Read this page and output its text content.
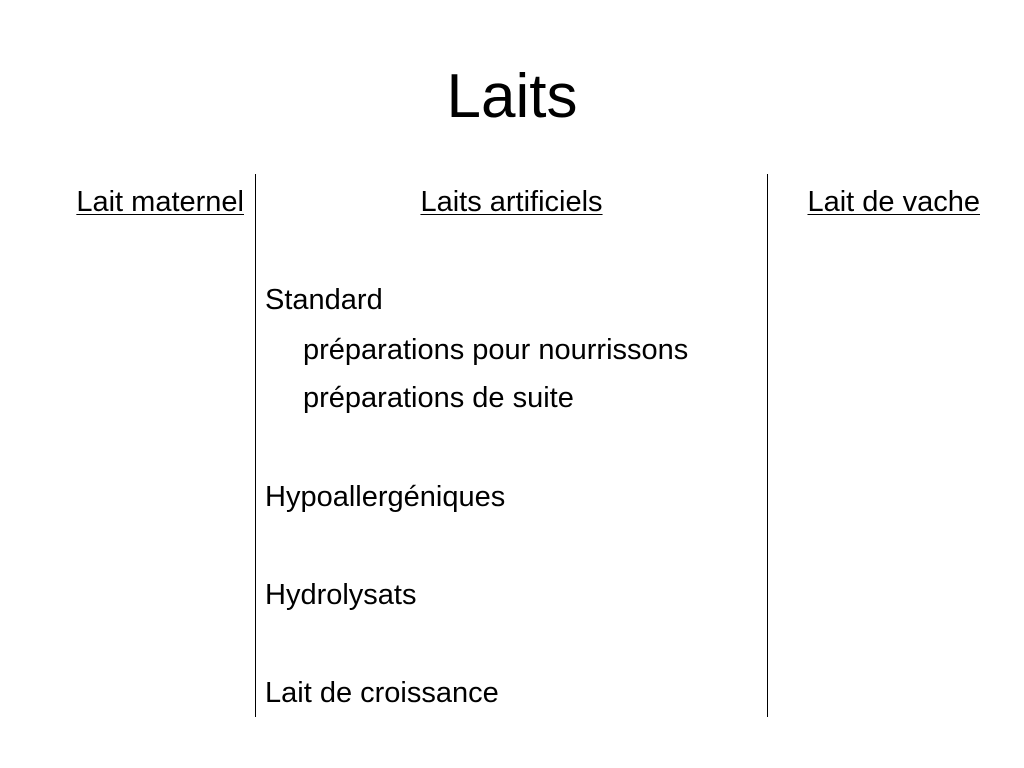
Laits
Lait maternel	Laits artificiels	Lait de vache
Standard
préparations pour nourrissons
préparations de suite
Hypoallergéniques
Hydrolysats
Lait de croissance
